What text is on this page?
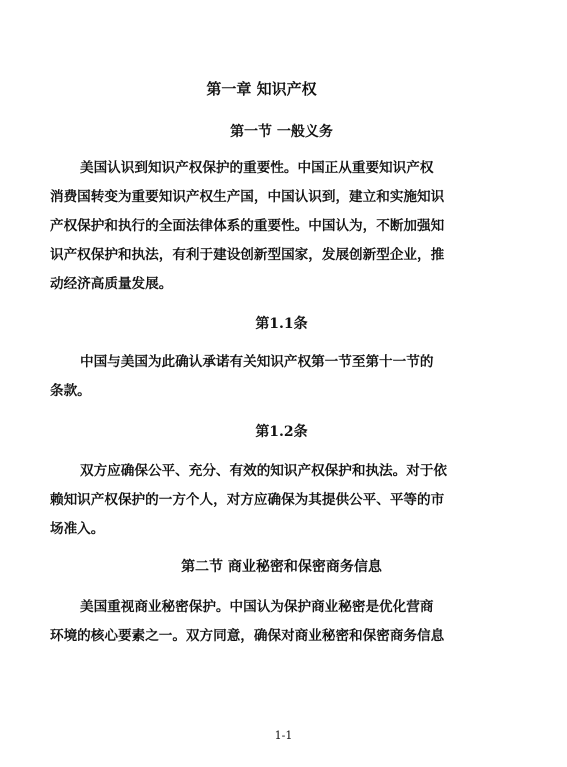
第一章 知识产权
第一节 一般义务
美国认识到知识产权保护的重要性。中国正从重要知识产权
消费国转变为重要知识产权生产国，中国认识到，建立和实施知识
产权保护和执行的全面法律体系的重要性。中国认为，不断加强知
识产权保护和执法，有利于建设创新型国家，发展创新型企业，推
动经济高质量发展。
第1.1条
中国与美国为此确认承诺有关知识产权第一节至第十一节的
条款。
第1.2条
双方应确保公平、充分、有效的知识产权保护和执法。对于依
赖知识产权保护的一方个人，对方应确保为其提供公平、平等的市
场准入。
第二节 商业秘密和保密商务信息
美国重视商业秘密保护。中国认为保护商业秘密是优化营商
环境的核心要素之一。双方同意，确保对商业秘密和保密商务信息
1-1
